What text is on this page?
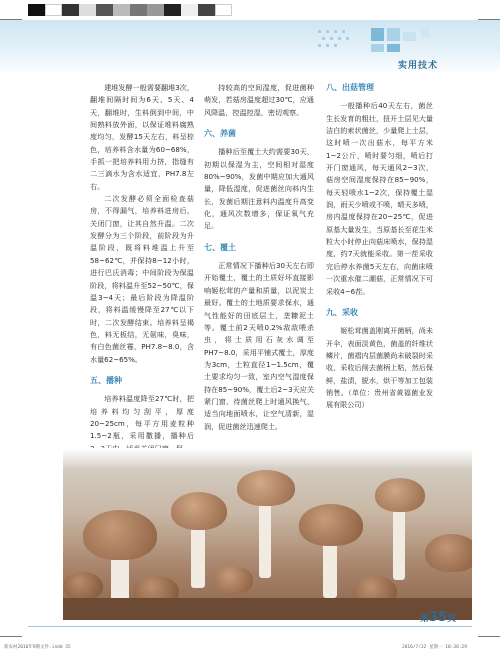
实用技术

建堆发酵一般需要翻堆3次，翻堆间隔时间为6天、5天、4天，翻堆时，生料倒到中间，中间熟料放外面，以保证堆料腐熟度均匀，发酵15天左右，料呈棕色，培养料含水量为60~68%，手抓一把培养料用力挤，指缝有二三滴水为含水适宜，PH7.8左右。

二次发酵必须全面检查菇房，不得漏气，培养料进房后，关闭门窗，让其自然升温。二次发酵分为三个阶段，前阶段为升温阶段，既将料堆温上升至58~62℃，并保持8~12小时，进行巴氏消毒；中间阶段为保温阶段，将料温升至52~50℃，保温3~4天；最后阶段为降温阶段，将料温缓慢降至27℃以下时，二次发酵结束。培养料呈褐色，料无板结，无氨味，臭味，有白色菌丝霉，PH7.8~8.0，含水量62~65%。

五、播种

培养料温度降至27℃时，把培养料均匀刮平，厚度20~25cm，每平方用麦粒种1.5~2瓶，采用撒播，播种后

持较高的空间湿度，促进菌种萌发，若菇房温度超过30℃，应通风降温，控温控湿，密切观察。

六、养菌

播种后至覆土大约需要30天，初期以保湿为主，空间相对湿度80%~90%，发菌中期应加大通风量，降低湿度，促进菌丝向料内生长，发菌后期注意料内温度升高变化，通风次数增多，保证氧气充足。

七、覆土

正常情况下播种后30天左右即开始覆土，覆土的土质好坏直接影响姬松茸的产量和质量，以泥炭土最好。覆土的土地质要求保水，通气性能好的田底层土，垄糠泥土等。覆土前2天喷0.2%敌敌喂杀虫，将土质用石灰水调至PH7~8.0，采用平铺式覆土，厚度为3cm，土粒直径1~1.5cm，覆土要求均匀一致，室内空气湿度保持在85~90%，覆土后2~3天应关紧门窗，待菌丝爬上时通风换气，适当向地面喷水，让空气清新，湿润，促进菌丝迅速爬土。

八、出菇管理

一般播种后40天左右，菌丝生长发育的粗壮，扭开土层见大量洁白的索状菌丝，少量爬上土层，这时喷一次出菇水，每平方米1~2公斤，喷时要匀细，喷后打开门窗通风，每天通风2~3次，菇房空间湿度保持在85~90%，每天轻喷水1~2次，保持覆土湿润，雨天少喷或不喷，晴天多喷，房内温度保持在20~25℃，促进原基大量发生，当原基长至花生米粒大小时停止向菇床喷水，保持湿度，约7天就能采收。第一茬采收完后停水养菌5天左右，向菌床喷一次重水催二潮菇，正常情况下可采收4~6茬。

九、采收

姬松茸菌盖刚离开菌柄，尚未开伞，表面淡黄色，菌盖的纤维状鳞片，菌褶内层菌膜尚未破裂时采收，采收后削去菌柄上粘，然后保鲜，盐渍，脱水，烘干等加工包装销售。（单位：贵州省黄福菌业发展有限公司）

第35页
新农村2016年9期文件.indd 35	2016/7/22 星期一 10:38:29
